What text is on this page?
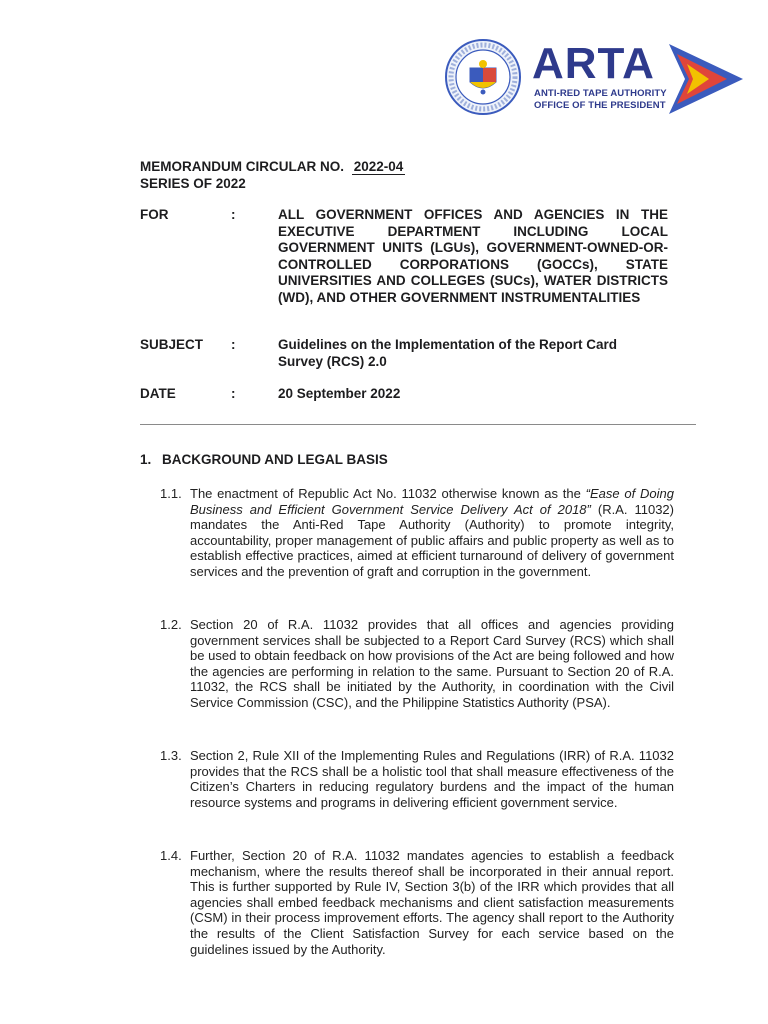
ARTA
ANTI-RED TAPE AUTHORITY
OFFICE OF THE PRESIDENT
MEMORANDUM CIRCULAR NO. 2022-04
SERIES OF 2022
FOR	:	ALL GOVERNMENT OFFICES AND AGENCIES IN THE EXECUTIVE DEPARTMENT INCLUDING LOCAL GOVERNMENT UNITS (LGUs), GOVERNMENT-OWNED-OR-CONTROLLED CORPORATIONS (GOCCs), STATE UNIVERSITIES AND COLLEGES (SUCs), WATER DISTRICTS (WD), AND OTHER GOVERNMENT INSTRUMENTALITIES
SUBJECT	:	Guidelines on the Implementation of the Report Card Survey (RCS) 2.0
DATE	:	20 September 2022
1. BACKGROUND AND LEGAL BASIS
1.1. The enactment of Republic Act No. 11032 otherwise known as the “Ease of Doing Business and Efficient Government Service Delivery Act of 2018” (R.A. 11032) mandates the Anti-Red Tape Authority (Authority) to promote integrity, accountability, proper management of public affairs and public property as well as to establish effective practices, aimed at efficient turnaround of delivery of government services and the prevention of graft and corruption in the government.
1.2. Section 20 of R.A. 11032 provides that all offices and agencies providing government services shall be subjected to a Report Card Survey (RCS) which shall be used to obtain feedback on how provisions of the Act are being followed and how the agencies are performing in relation to the same. Pursuant to Section 20 of R.A. 11032, the RCS shall be initiated by the Authority, in coordination with the Civil Service Commission (CSC), and the Philippine Statistics Authority (PSA).
1.3. Section 2, Rule XII of the Implementing Rules and Regulations (IRR) of R.A. 11032 provides that the RCS shall be a holistic tool that shall measure effectiveness of the Citizen’s Charters in reducing regulatory burdens and the impact of the human resource systems and programs in delivering efficient government service.
1.4. Further, Section 20 of R.A. 11032 mandates agencies to establish a feedback mechanism, where the results thereof shall be incorporated in their annual report. This is further supported by Rule IV, Section 3(b) of the IRR which provides that all agencies shall embed feedback mechanisms and client satisfaction measurements (CSM) in their process improvement efforts. The agency shall report to the Authority the results of the Client Satisfaction Survey for each service based on the guidelines issued by the Authority.
